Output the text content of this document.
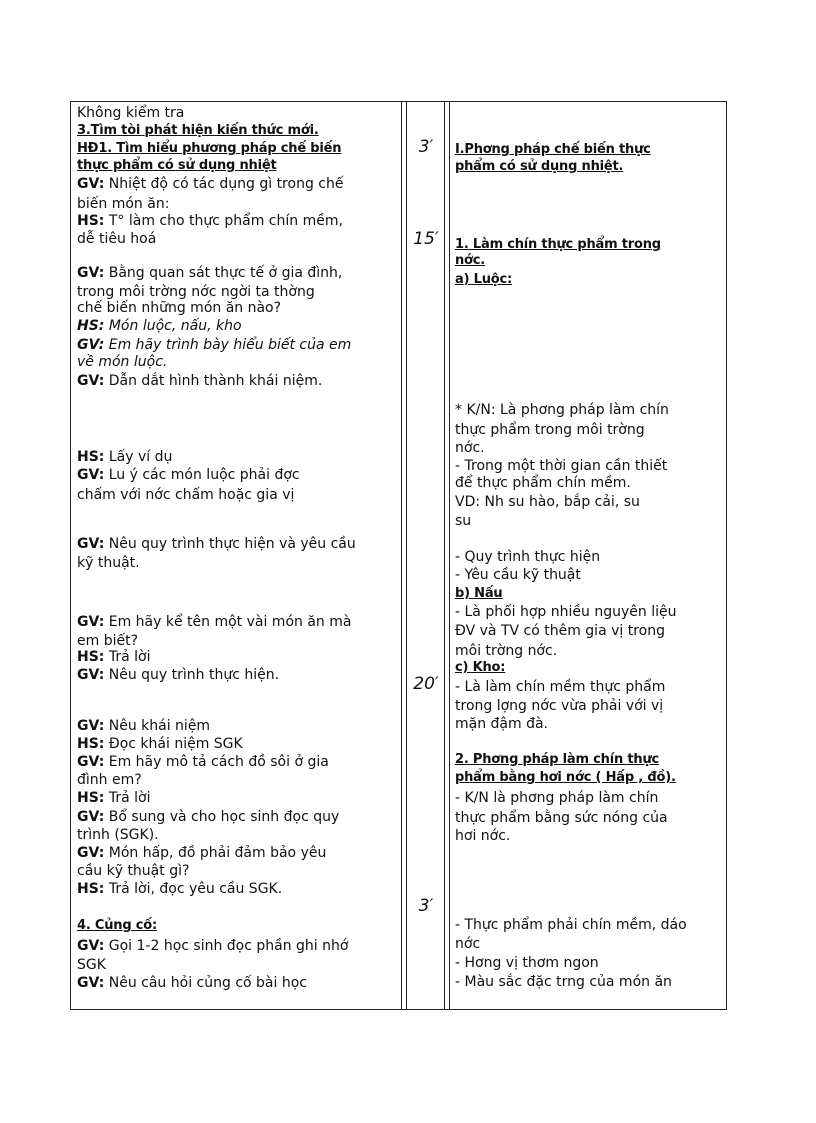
Không kiểm tra
3.Tìm tòi phát hiện kiến thức mới.
HĐ1. Tìm hiểu phương pháp chế biến
thực phẩm có sử dụng nhiệt
GV: Nhiệt độ có tác dụng gì trong chế
biến món ăn:
HS: T° làm cho thực phẩm chín mềm,
dễ tiêu hoá
GV: Bằng quan sát thực tế ở gia đình,
trong môi trờng nớc ngời ta thờng
chế biến những món ăn nào?
HS: Món luộc, nấu, kho
GV: Em hãy trình bày hiểu biết của em
về món luộc.
GV: Dẫn dắt hình thành khái niệm.
HS: Lấy ví dụ
GV: Lu ý các món luộc phải đợc
chấm với nớc chấm hoặc gia vị
GV: Nêu quy trình thực hiện và yêu cầu
kỹ thuật.
GV: Em hãy kể tên một vài món ăn mà
em biết?
HS: Trả lời
GV: Nêu quy trình thực hiện.
GV: Nêu khái niệm
HS: Đọc khái niệm SGK
GV: Em hãy mô tả cách đồ sôi ở gia
đình em?
HS: Trả lời
GV: Bổ sung và cho học sinh đọc quy
trình (SGK).
GV: Món hấp, đồ phải đảm bảo yêu
cầu kỹ thuật gì?
HS: Trả lời, đọc yêu cầu SGK.
4. Củng cố:
GV: Gọi 1-2 học sinh đọc phần ghi nhớ
SGK
GV: Nêu câu hỏi củng cố bài học
3′
15′
20′
3′
I.Phơng pháp chế biến thực
phẩm có sử dụng nhiệt.
1. Làm chín thực phẩm trong
nớc.
a) Luộc:
* K/N: Là phơng pháp làm chín
thực phẩm trong môi trờng
nớc.
- Trong một thời gian cần thiết
để thực phẩm chín mềm.
VD: Nh su hào, bắp cải, su
su
- Quy trình thực hiện
- Yêu cầu kỹ thuật
b) Nấu
- Là phối hợp nhiều nguyên liệu
ĐV và TV có thêm gia vị trong
môi trờng nớc.
c) Kho:
- Là làm chín mềm thực phẩm
trong lợng nớc vừa phải với vị
mặn đậm đà.
2. Phơng pháp làm chín thực
phẩm bằng hơi nớc ( Hấp , đồ).
- K/N là phơng pháp làm chín
thực phẩm bằng sức nóng của
hơi nớc.
- Thực phẩm phải chín mềm, dáo
nớc
- Hơng vị thơm ngon
- Màu sắc đặc trng của món ăn
